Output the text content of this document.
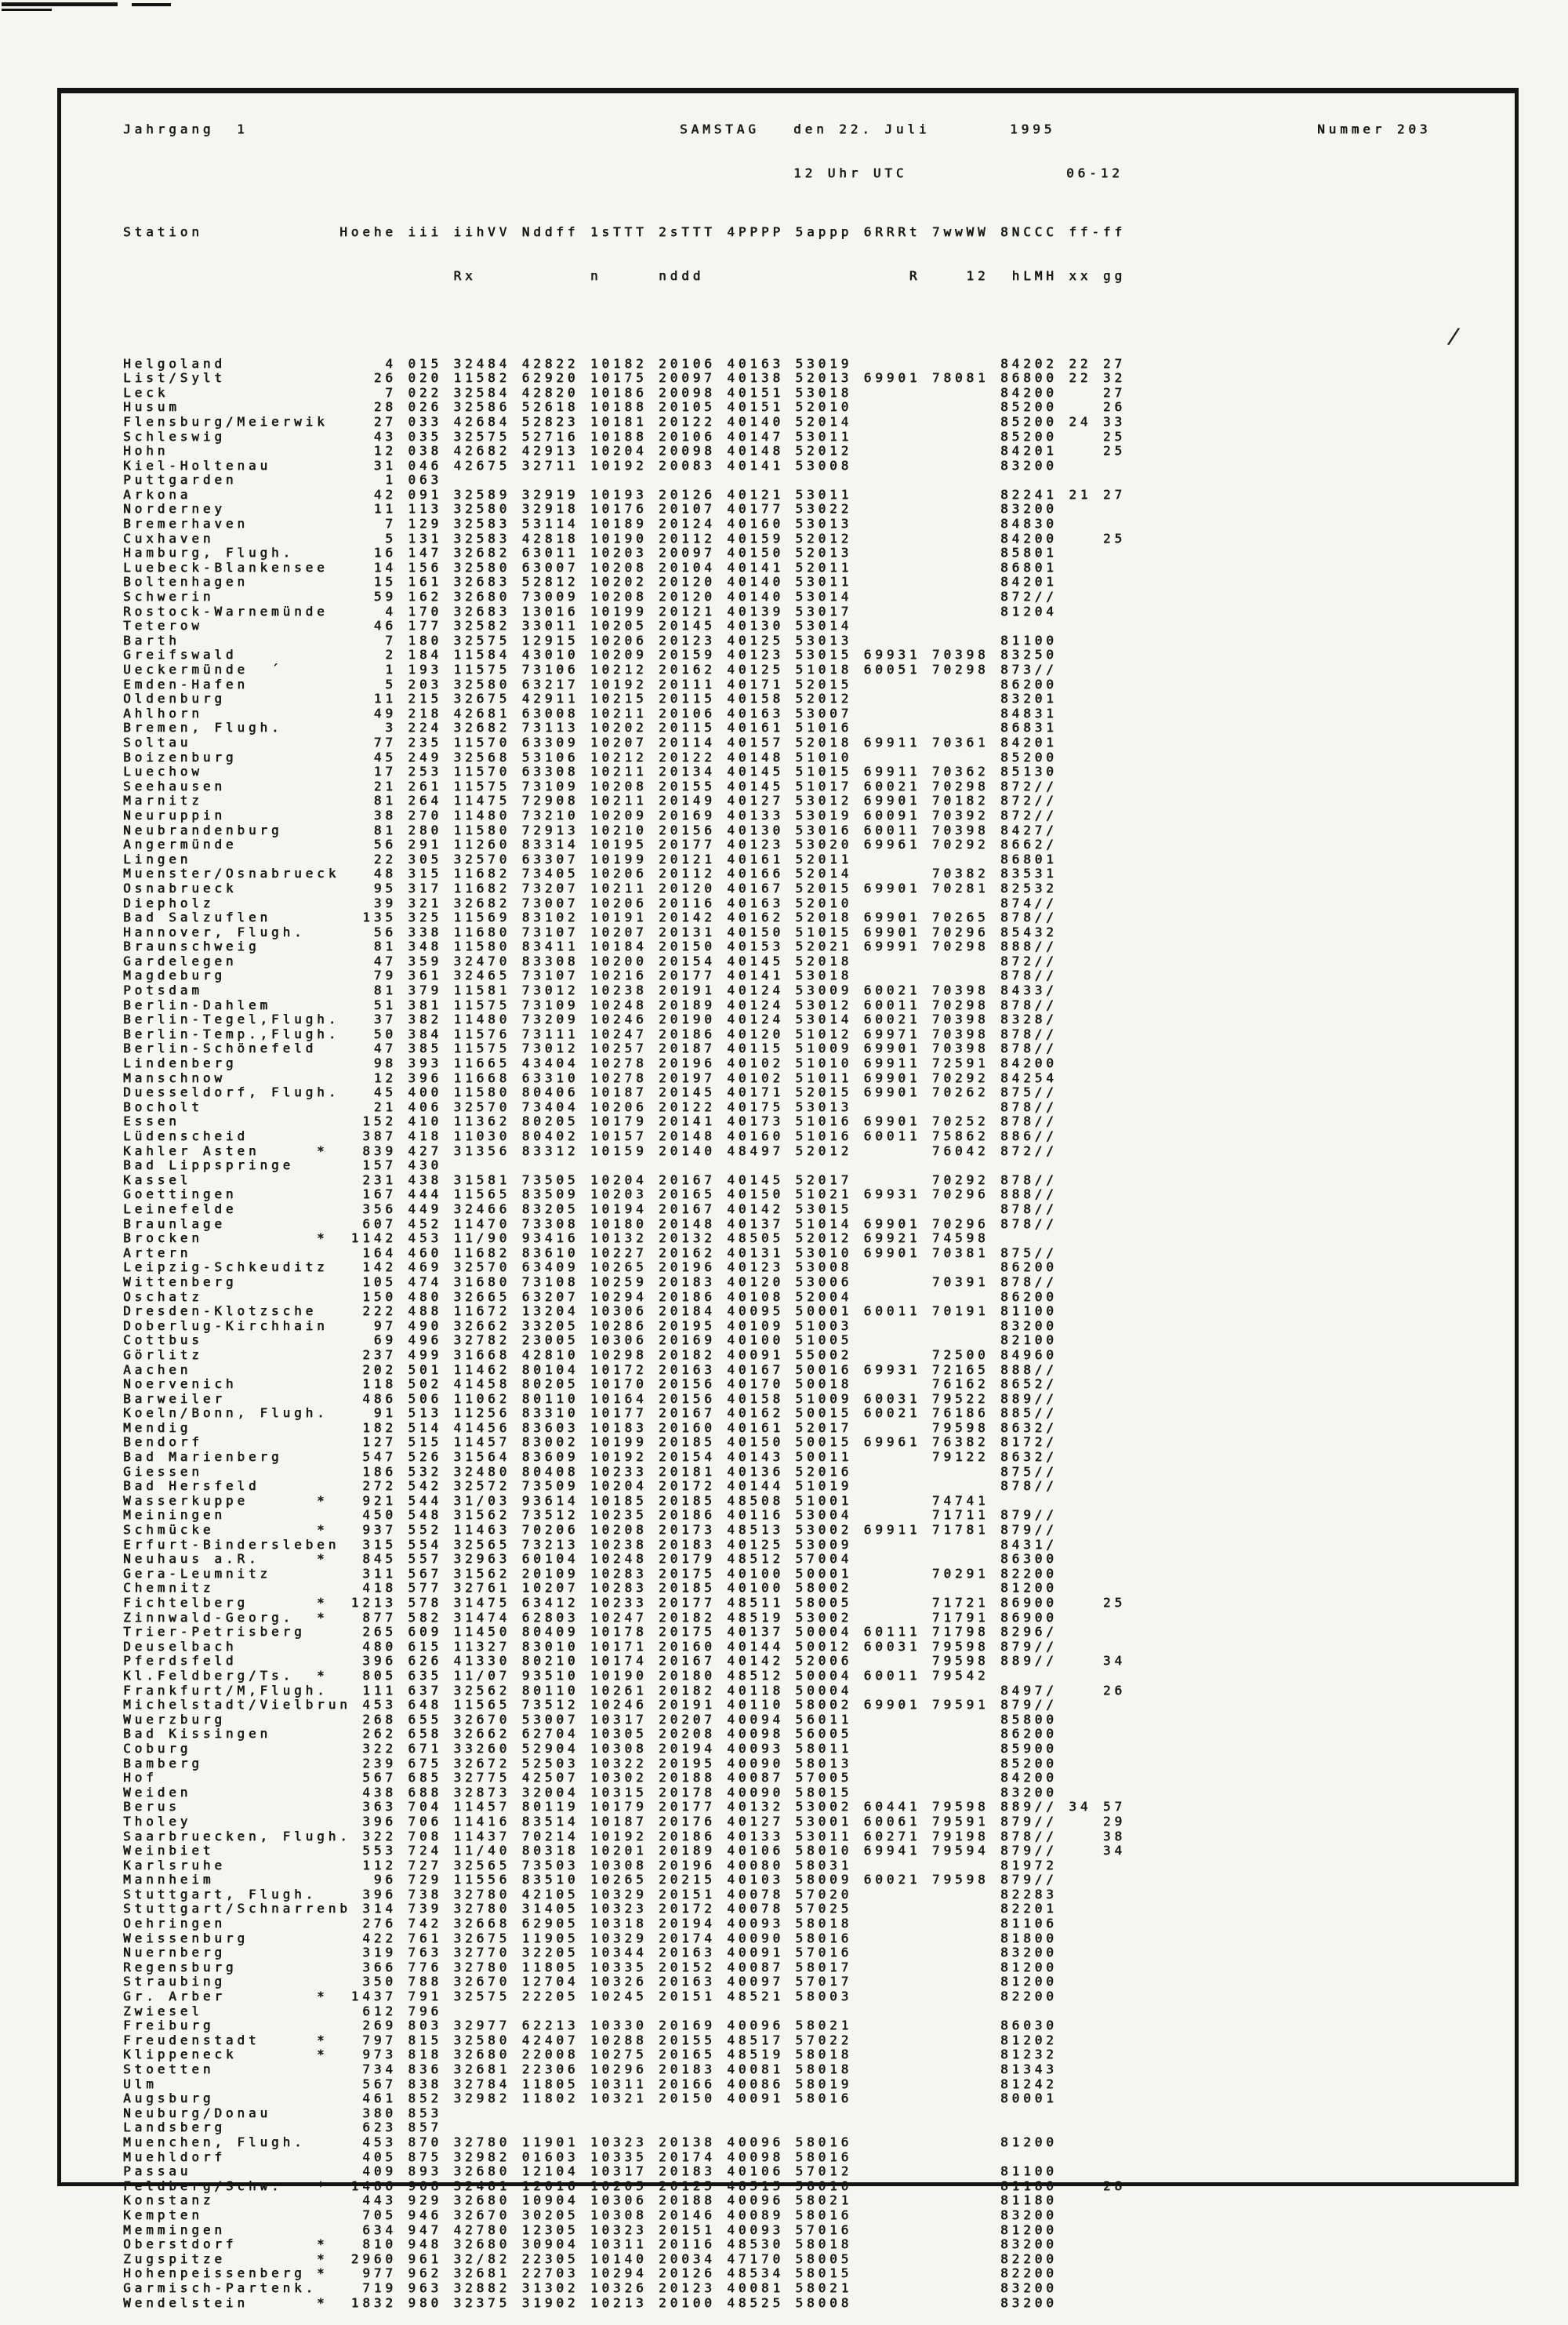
/
Jahrgang 1	SAMSTAG	den 22. Juli	1995	Nummer 203
12 Uhr UTC	06-12

Station            Hoehe iii iihVV Nddff 1sTTT 2sTTT 4PPPP 5appp 6RRRt 7wwWW 8NCCC ff-ff

Rx          n     nddd                  R    12  hLMH xx gg

Helgoland              4 015 32484 42822 10182 20106 40163 53019             84202 22 27
List/Sylt             26 020 11582 62920 10175 20097 40138 52013 69901 78081 86800 22 32
Leck                   7 022 32584 42820 10186 20098 40151 53018             84200    27
Husum                 28 026 32586 52618 10188 20105 40151 52010             85200    26
Flensburg/Meierwik    27 033 42684 52823 10181 20122 40140 52014             85200 24 33
Schleswig             43 035 32575 52716 10188 20106 40147 53011             85200    25
Hohn                  12 038 42682 42913 10204 20098 40148 52012             84201    25
Kiel-Holtenau         31 046 42675 32711 10192 20083 40141 53008             83200
Puttgarden             1 063
Arkona                42 091 32589 32919 10193 20126 40121 53011             82241 21 27
Norderney             11 113 32580 32918 10176 20107 40177 53022             83200
Bremerhaven            7 129 32583 53114 10189 20124 40160 53013             84830
Cuxhaven               5 131 32583 42818 10190 20112 40159 52012             84200    25
Hamburg, Flugh.       16 147 32682 63011 10203 20097 40150 52013             85801
Luebeck-Blankensee    14 156 32580 63007 10208 20104 40141 52011             86801
Boltenhagen           15 161 32683 52812 10202 20120 40140 53011             84201
Schwerin              59 162 32680 73009 10208 20120 40140 53014             872//
Rostock-Warnemünde     4 170 32683 13016 10199 20121 40139 53017             81204
Teterow               46 177 32582 33011 10205 20145 40130 53014
Barth                  7 180 32575 12915 10206 20123 40125 53013             81100
Greifswald             2 184 11584 43010 10209 20159 40123 53015 69931 70398 83250
Ueckermünde  ´         1 193 11575 73106 10212 20162 40125 51018 60051 70298 873//
Emden-Hafen            5 203 32580 63217 10192 20111 40171 52015             86200
Oldenburg             11 215 32675 42911 10215 20115 40158 52012             83201
Ahlhorn               49 218 42681 63008 10211 20106 40163 53007             84831
Bremen, Flugh.         3 224 32682 73113 10202 20115 40161 51016             86831
Soltau                77 235 11570 63309 10207 20114 40157 52018 69911 70361 84201
Boizenburg            45 249 32568 53106 10212 20122 40148 51010             85200
Luechow               17 253 11570 63308 10211 20134 40145 51015 69911 70362 85130
Seehausen             21 261 11575 73109 10208 20155 40145 51017 60021 70298 872//
Marnitz               81 264 11475 72908 10211 20149 40127 53012 69901 70182 872//
Neuruppin             38 270 11480 73210 10209 20169 40133 53019 60091 70392 872//
Neubrandenburg        81 280 11580 72913 10210 20156 40130 53016 60011 70398 8427/
Angermünde            56 291 11260 83314 10195 20177 40123 53020 69961 70292 8662/
Lingen                22 305 32570 63307 10199 20121 40161 52011             86801
Muenster/Osnabrueck   48 315 11682 73405 10206 20112 40166 52014       70382 83531
Osnabrueck            95 317 11682 73207 10211 20120 40167 52015 69901 70281 82532
Diepholz              39 321 32682 73007 10206 20116 40163 52010             874//
Bad Salzuflen        135 325 11569 83102 10191 20142 40162 52018 69901 70265 878//
Hannover, Flugh.      56 338 11680 73107 10207 20131 40150 51015 69901 70296 85432
Braunschweig          81 348 11580 83411 10184 20150 40153 52021 69991 70298 888//
Gardelegen            47 359 32470 83308 10200 20154 40145 52018             872//
Magdeburg             79 361 32465 73107 10216 20177 40141 53018             878//
Potsdam               81 379 11581 73012 10238 20191 40124 53009 60021 70398 8433/
Berlin-Dahlem         51 381 11575 73109 10248 20189 40124 53012 60011 70298 878//
Berlin-Tegel,Flugh.   37 382 11480 73209 10246 20190 40124 53014 60021 70398 8328/
Berlin-Temp.,Flugh.   50 384 11576 73111 10247 20186 40120 51012 69971 70398 878//
Berlin-Schönefeld     47 385 11575 73012 10257 20187 40115 51009 69901 70398 878//
Lindenberg            98 393 11665 43404 10278 20196 40102 51010 69911 72591 84200
Manschnow             12 396 11668 63310 10278 20197 40102 51011 69901 70292 84254
Duesseldorf, Flugh.   45 400 11580 80406 10187 20145 40171 52015 69901 70262 875//
Bocholt               21 406 32570 73404 10206 20122 40175 53013             878//
Essen                152 410 11362 80205 10179 20141 40173 51016 69901 70252 878//
Lüdenscheid          387 418 11030 80402 10157 20148 40160 51016 60011 75862 886//
Kahler Asten     *   839 427 31356 83312 10159 20140 48497 52012       76042 872//
Bad Lippspringe      157 430
Kassel               231 438 31581 73505 10204 20167 40145 52017       70292 878//
Goettingen           167 444 11565 83509 10203 20165 40150 51021 69931 70296 888//
Leinefelde           356 449 32466 83205 10194 20167 40142 53015             878//
Braunlage            607 452 11470 73308 10180 20148 40137 51014 69901 70296 878//
Brocken          *  1142 453 11/90 93416 10132 20132 48505 52012 69921 74598
Artern               164 460 11682 83610 10227 20162 40131 53010 69901 70381 875//
Leipzig-Schkeuditz   142 469 32570 63409 10265 20196 40123 53008             86200
Wittenberg           105 474 31680 73108 10259 20183 40120 53006       70391 878//
Oschatz              150 480 32665 63207 10294 20186 40108 52004             86200
Dresden-Klotzsche    222 488 11672 13204 10306 20184 40095 50001 60011 70191 81100
Doberlug-Kirchhain    97 490 32662 33205 10286 20195 40109 51003             83200
Cottbus               69 496 32782 23005 10306 20169 40100 51005             82100
Görlitz              237 499 31668 42810 10298 20182 40091 55002       72500 84960
Aachen               202 501 11462 80104 10172 20163 40167 50016 69931 72165 888//
Noervenich           118 502 41458 80205 10170 20156 40170 50018       76162 8652/
Barweiler            486 506 11062 80110 10164 20156 40158 51009 60031 79522 889//
Koeln/Bonn, Flugh.    91 513 11256 83310 10177 20167 40162 50015 60021 76186 885//
Mendig               182 514 41456 83603 10183 20160 40161 52017       79598 8632/
Bendorf              127 515 11457 83002 10199 20185 40150 50015 69961 76382 8172/
Bad Marienberg       547 526 31564 83609 10192 20154 40143 50011       79122 8632/
Giessen              186 532 32480 80408 10233 20181 40136 52016             875//
Bad Hersfeld         272 542 32572 73509 10204 20172 40144 51019             878//
Wasserkuppe      *   921 544 31/03 93614 10185 20185 48508 51001       74741
Meiningen            450 548 31562 73512 10235 20186 40116 53004       71711 879//
Schmücke         *   937 552 11463 70206 10208 20173 48513 53002 69911 71781 879//
Erfurt-Bindersleben  315 554 32565 73213 10238 20183 40125 53009             8431/
Neuhaus a.R.     *   845 557 32963 60104 10248 20179 48512 57004             86300
Gera-Leumnitz        311 567 31562 20109 10283 20175 40100 50001       70291 82200
Chemnitz             418 577 32761 10207 10283 20185 40100 58002             81200
Fichtelberg      *  1213 578 31475 63412 10233 20177 48511 58005       71721 86900    25
Zinnwald-Georg.  *   877 582 31474 62803 10247 20182 48519 53002       71791 86900
Trier-Petrisberg     265 609 11450 80409 10178 20175 40137 50004 60111 71798 8296/
Deuselbach           480 615 11327 83010 10171 20160 40144 50012 60031 79598 879//
Pferdsfeld           396 626 41330 80210 10174 20167 40142 52006       79598 889//    34
Kl.Feldberg/Ts.  *   805 635 11/07 93510 10190 20180 48512 50004 60011 79542
Frankfurt/M,Flugh.   111 637 32562 80110 10261 20182 40118 50004             8497/    26
Michelstadt/Vielbrun 453 648 11565 73512 10246 20191 40110 58002 69901 79591 879//
Wuerzburg            268 655 32670 53007 10317 20207 40094 56011             85800
Bad Kissingen        262 658 32662 62704 10305 20208 40098 56005             86200
Coburg               322 671 33260 52904 10308 20194 40093 58011             85900
Bamberg              239 675 32672 52503 10322 20195 40090 58013             85200
Hof                  567 685 32775 42507 10302 20188 40087 57005             84200
Weiden               438 688 32873 32004 10315 20178 40090 58015             83200
Berus                363 704 11457 80119 10179 20177 40132 53002 60441 79598 889// 34 57
Tholey               396 706 11416 83514 10187 20176 40127 53001 60061 79591 879//    29
Saarbruecken, Flugh. 322 708 11437 70214 10192 20186 40133 53011 60271 79198 878//    38
Weinbiet             553 724 11/40 80318 10201 20189 40106 58010 69941 79594 879//    34
Karlsruhe            112 727 32565 73503 10308 20196 40080 58031             81972
Mannheim              96 729 11556 83510 10265 20215 40103 58009 60021 79598 879//
Stuttgart, Flugh.    396 738 32780 42105 10329 20151 40078 57020             82283
Stuttgart/Schnarrenb 314 739 32780 31405 10323 20172 40078 57025             82201
Oehringen            276 742 32668 62905 10318 20194 40093 58018             81106
Weissenburg          422 761 32675 11905 10329 20174 40090 58016             81800
Nuernberg            319 763 32770 32205 10344 20163 40091 57016             83200
Regensburg           366 776 32780 11805 10335 20152 40087 58017             81200
Straubing            350 788 32670 12704 10326 20163 40097 57017             81200
Gr. Arber        *  1437 791 32575 22205 10245 20151 48521 58003             82200
Zwiesel              612 796
Freiburg             269 803 32977 62213 10330 20169 40096 58021             86030
Freudenstadt     *   797 815 32580 42407 10288 20155 48517 57022             81202
Klippeneck       *   973 818 32680 22008 10275 20165 48519 58018             81232
Stoetten             734 836 32681 22306 10296 20183 40081 58018             81343
Ulm                  567 838 32784 11805 10311 20166 40086 58019             81242
Augsburg             461 852 32982 11802 10321 20150 40091 58016             80001
Neuburg/Donau        380 853
Landsberg            623 857
Muenchen, Flugh.     453 870 32780 11901 10323 20138 40096 58016             81200
Muehldorf            405 875 32982 01603 10335 20174 40098 58016
Passau               409 893 32680 12104 10317 20183 40106 57012             81100
Feldberg/Schw.   *  1486 908 32481 12016 10205 20125 48515 58010             81180    28
Konstanz             443 929 32680 10904 10306 20188 40096 58021             81180
Kempten              705 946 32670 30205 10308 20146 40089 58016             83200
Memmingen            634 947 42780 12305 10323 20151 40093 57016             81200
Oberstdorf       *   810 948 32680 30904 10311 20116 48530 58018             83200
Zugspitze        *  2960 961 32/82 22305 10140 20034 47170 58005             82200
Hohenpeissenberg *   977 962 32681 22703 10294 20126 48534 58015             82200
Garmisch-Partenk.    719 963 32882 31302 10326 20123 40081 58021             83200
Wendelstein      *  1832 980 32375 31902 10213 20100 48525 58008             83200
